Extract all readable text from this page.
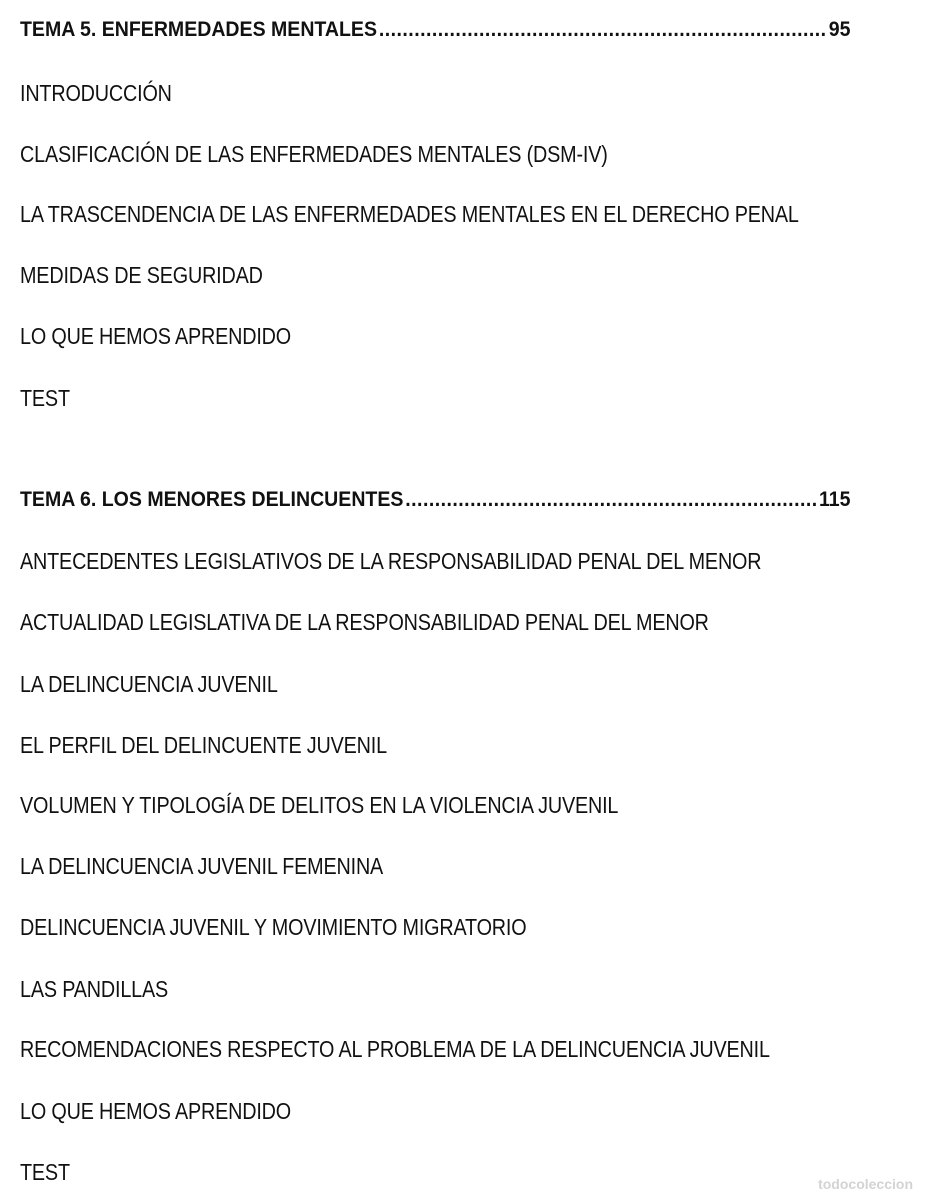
TEMA 5. ENFERMEDADES MENTALES .....	95
INTRODUCCIÓN
CLASIFICACIÓN DE LAS ENFERMEDADES MENTALES (DSM-IV)
LA TRASCENDENCIA DE LAS ENFERMEDADES MENTALES EN EL DERECHO PENAL
MEDIDAS DE SEGURIDAD
LO QUE HEMOS APRENDIDO
TEST
TEMA 6. LOS MENORES DELINCUENTES .....	115
ANTECEDENTES LEGISLATIVOS DE LA RESPONSABILIDAD PENAL DEL MENOR
ACTUALIDAD LEGISLATIVA DE LA RESPONSABILIDAD PENAL DEL MENOR
LA DELINCUENCIA JUVENIL
EL PERFIL DEL DELINCUENTE JUVENIL
VOLUMEN Y TIPOLOGÍA DE DELITOS EN LA VIOLENCIA JUVENIL
LA DELINCUENCIA JUVENIL FEMENINA
DELINCUENCIA JUVENIL Y MOVIMIENTO MIGRATORIO
LAS PANDILLAS
RECOMENDACIONES RESPECTO AL PROBLEMA DE LA DELINCUENCIA JUVENIL
LO QUE HEMOS APRENDIDO
TEST	todocoleccion
